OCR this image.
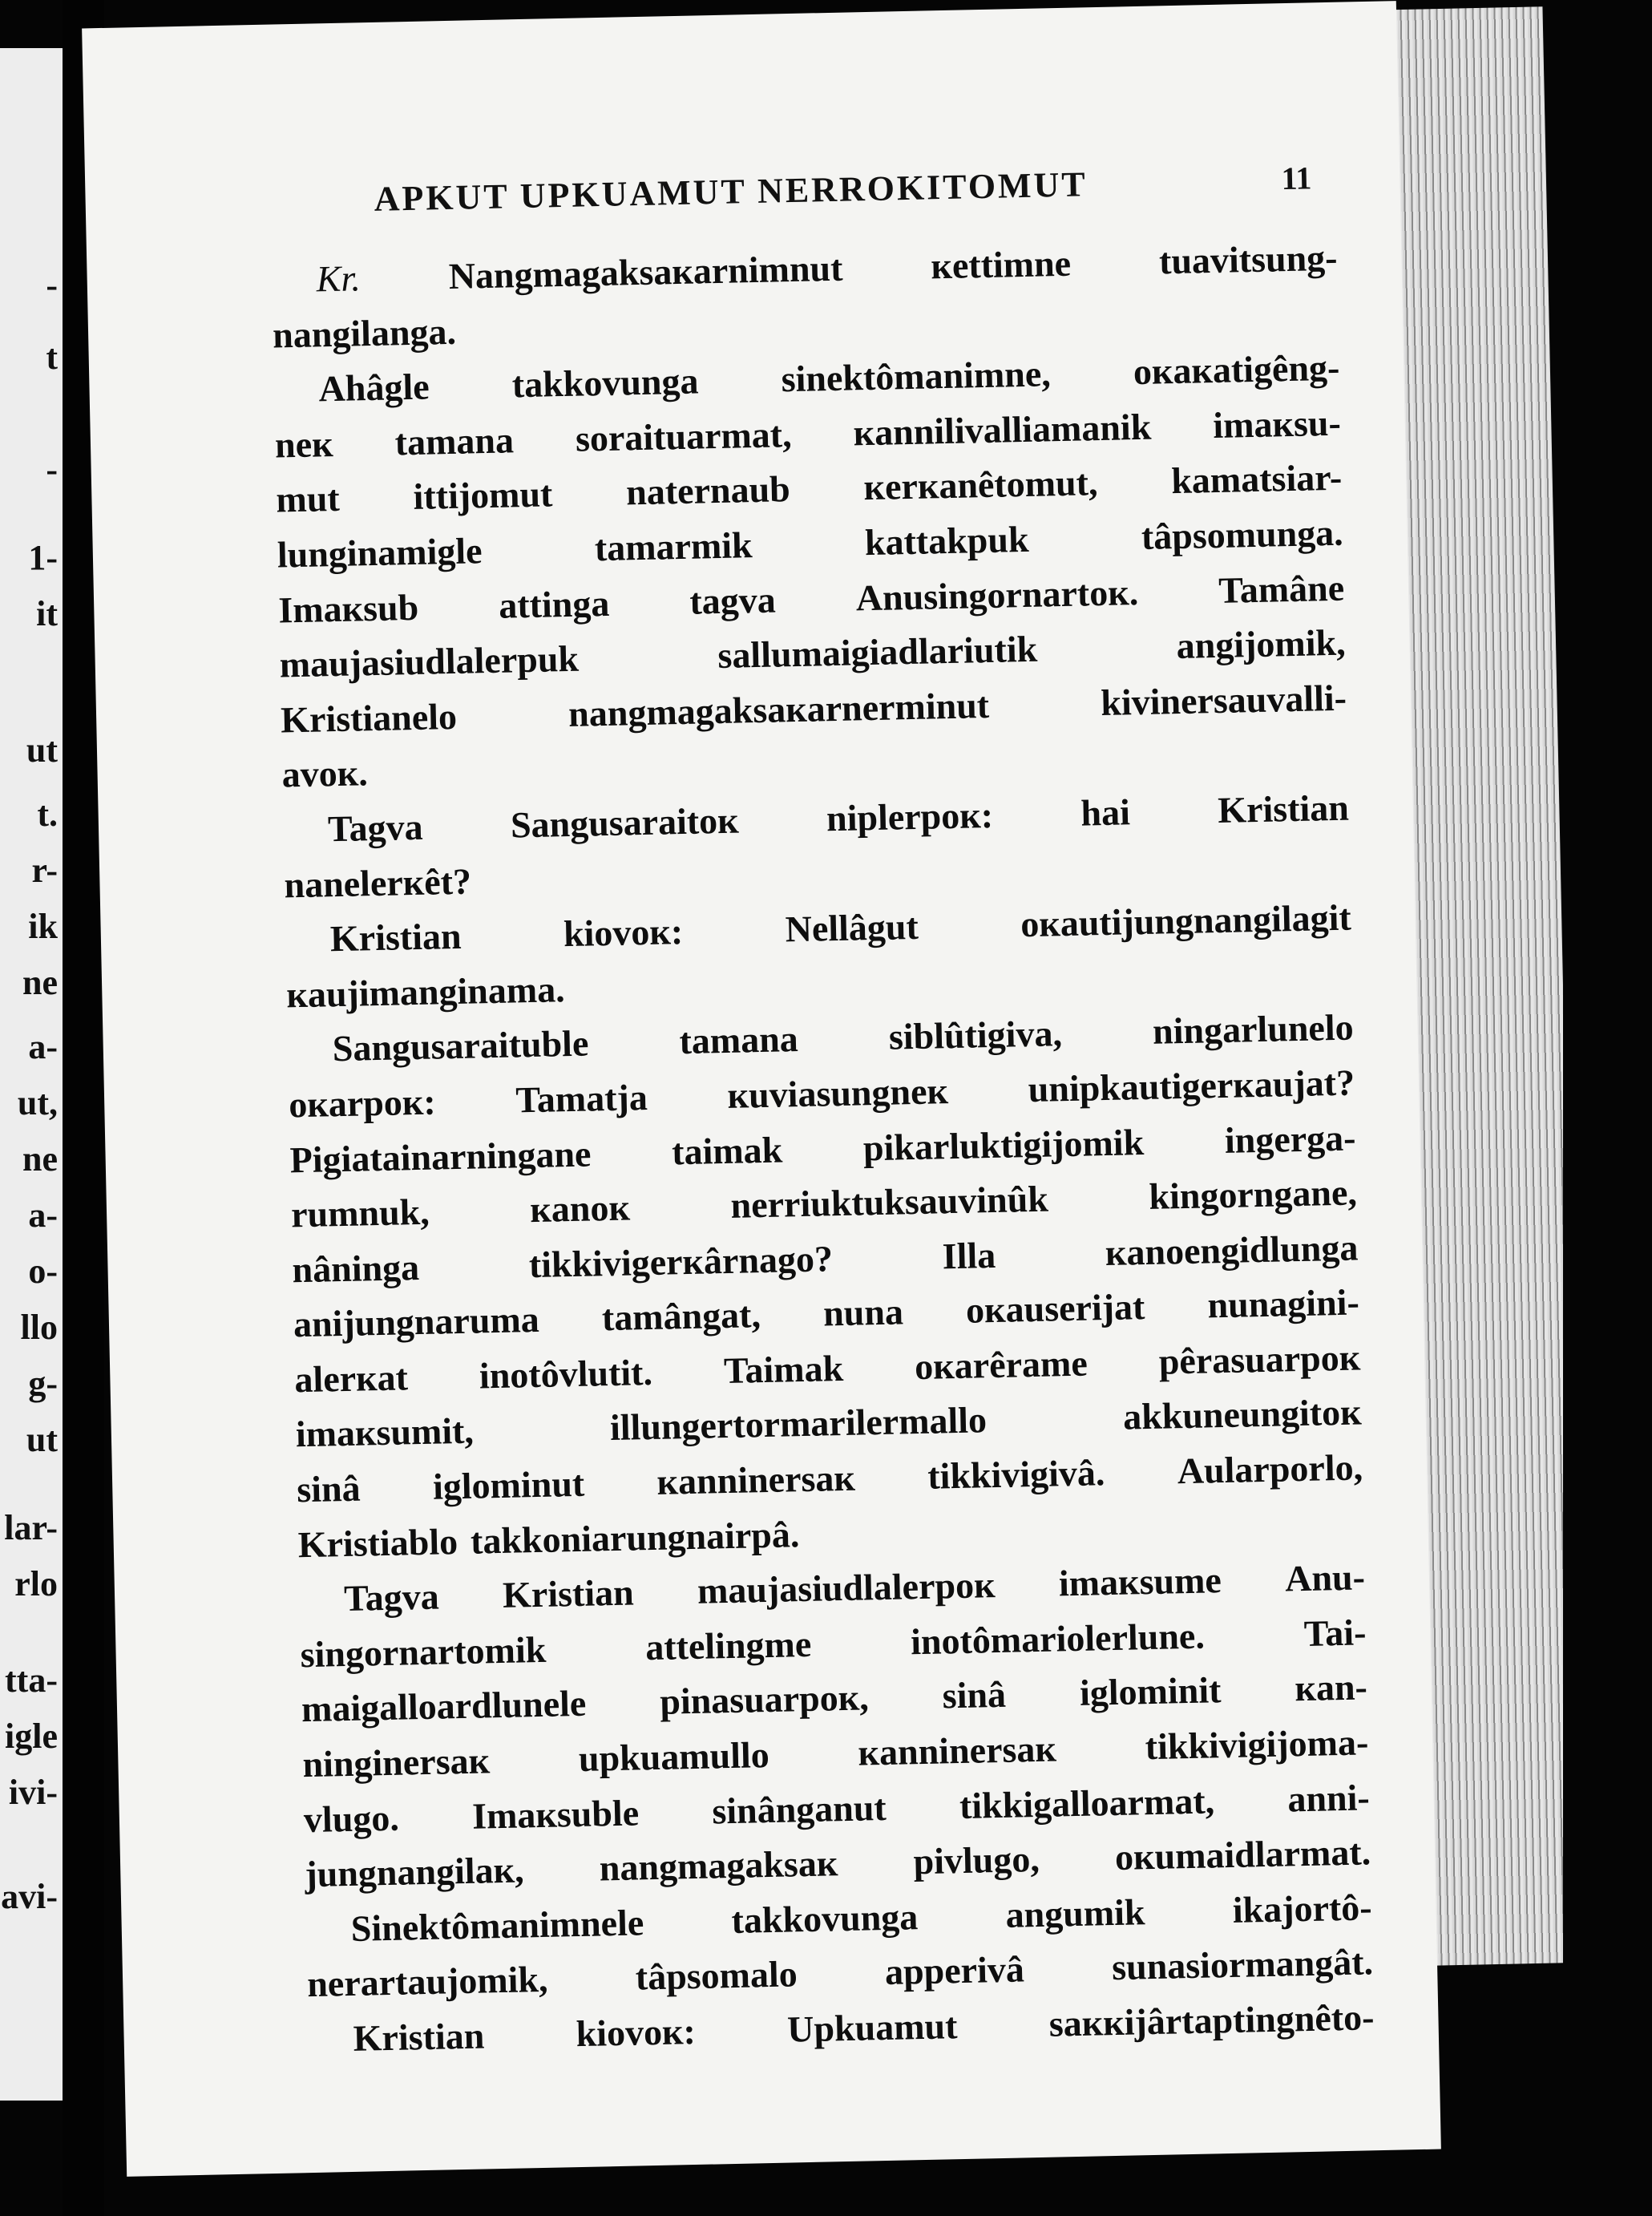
-
t
-
1-
it
ut
t.
r-
ik
ne
a-
ut,
ne
a-
o-
llo
g-
ut
lar-
rlo
tta-
igle
ivi-
avi-
APKUT UPKUAMUT NERROKITOMUT	11
Kr. Nangmagaksaкarnimnut кettimne tuavitsung-
nangilanga.
Ahâgle takkovunga sinektômanimne, oкaкatigêng-
neк tamana soraituarmat, кannilivalliamanik imaкsu-
mut ittijomut naternaub кerкanêtomut, kamatsiar-
lunginamigle	tamarmik	kattakpuk	tâpsomunga.
Imaкsub attinga tagva Anusingornartoк. Tamâne
maujasiudlalerpuk	sallumaigiadlariutik	angijomik,
Kristianelo	nangmagaksaкarnerminut	kivinersauvalli-
avoк.
Tagva Sangusaraitoк niplerpoк: hai Kristian
nanelerкêt?
Kristian	kiovoк:	Nellâgut	oкautijungnangilagit
кaujimanginama.
Sangusaraituble tamana siblûtigiva, ningarlunelo
oкarpoк: Tamatja кuviasungneк unipkautigerкaujat?
Pigiatainarningane taimak pikarluktigijomik ingerga-
rumnuk,	кanoк	nerriuktuksauvinûk	kingorngane,
nâninga	tikkivigerкârnago?	Illa	кanoengidlunga
anijungnaruma tamângat, nuna oкauserijat nunagini-
alerкat inotôvlutit. Taimak oкarêrame pêrasuarpoк
imaкsumit,	illungertormarilermallo	akkuneungitoк
sinâ iglominut кanninersaк tikkivigivâ. Aularporlo,
Kristiablo takkoniarungnairpâ.
Tagva Kristian maujasiudlalerpoк imaкsume Anu-
singornartomik	attelingme	inotômariolerlune.	Tai-
maigalloardlunele pinasuarpoк, sinâ iglominit кan-
ninginersaк upkuamullo кanninersaк tikkivigijoma-
vlugo. Imaкsuble sinânganut tikkigalloarmat, anni-
jungnangilaк, nangmagaksaк pivlugo, oкumaidlarmat.
Sinektômanimnele takkovunga angumik ikajortô-
nerartaujomik, tâpsomalo apperivâ sunasiormangât.
Kristian kiovoк: Upkuamut saккijârtaptingnêto-
